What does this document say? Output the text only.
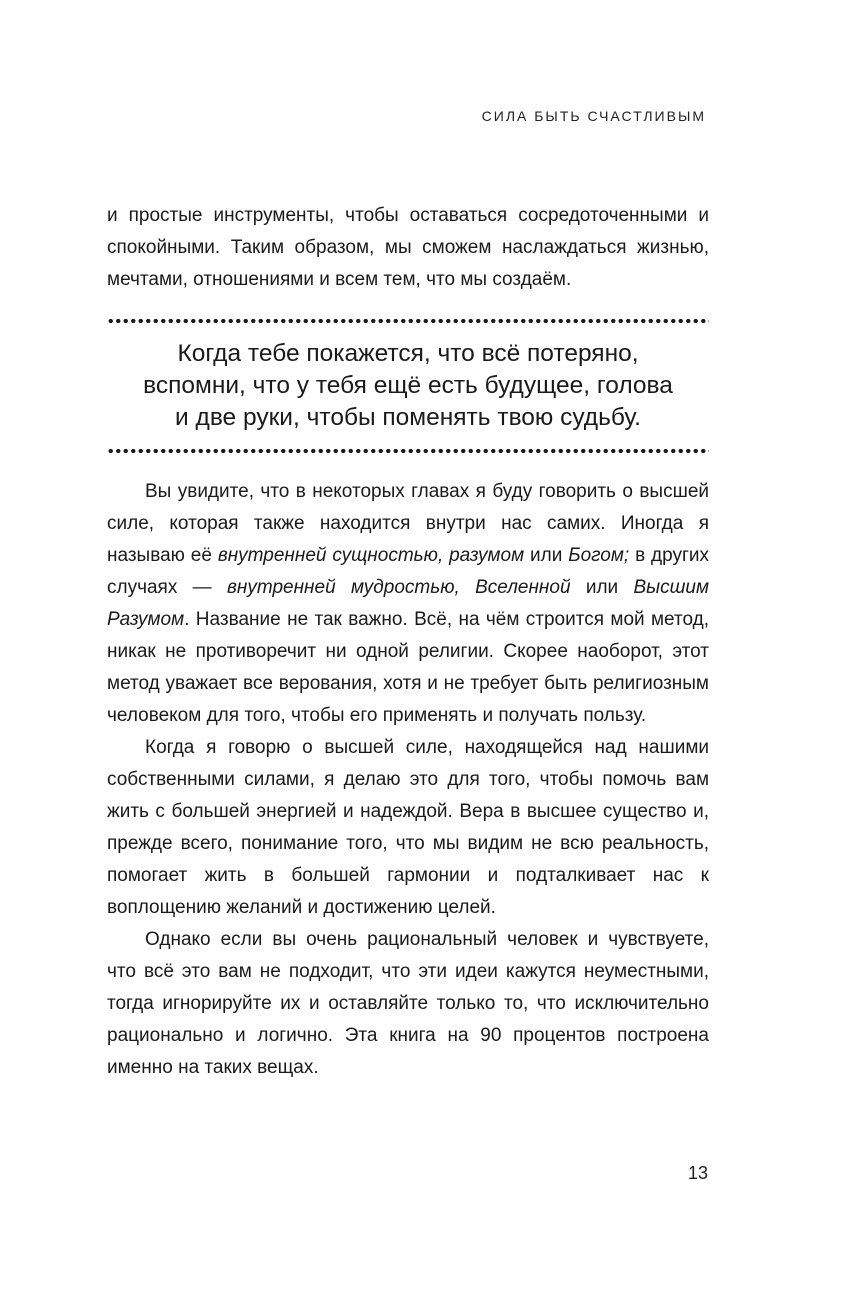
СИЛА БЫТЬ СЧАСТЛИВЫМ

и простые инструменты, чтобы оставаться сосредоточенными и спокойными. Таким образом, мы сможем наслаждаться жизнью, мечтами, отношениями и всем тем, что мы создаём.

Когда тебе покажется, что всё потеряно,
вспомни, что у тебя ещё есть будущее, голова
и две руки, чтобы поменять твою судьбу.

Вы увидите, что в некоторых главах я буду говорить о высшей силе, которая также находится внутри нас самих. Иногда я называю её внутренней сущностью, разумом или Богом; в других случаях — внутренней мудростью, Вселенной или Высшим Разумом. Название не так важно. Всё, на чём строится мой метод, никак не противоречит ни одной религии. Скорее наоборот, этот метод уважает все верования, хотя и не требует быть религиозным человеком для того, чтобы его применять и получать пользу.

Когда я говорю о высшей силе, находящейся над нашими собственными силами, я делаю это для того, чтобы помочь вам жить с большей энергией и надеждой. Вера в высшее существо и, прежде всего, понимание того, что мы видим не всю реальность, помогает жить в большей гармонии и подталкивает нас к воплощению желаний и достижению целей.

Однако если вы очень рациональный человек и чувствуете, что всё это вам не подходит, что эти идеи кажутся неуместными, тогда игнорируйте их и оставляйте только то, что исключительно рационально и логично. Эта книга на 90 процентов построена именно на таких вещах.

13
